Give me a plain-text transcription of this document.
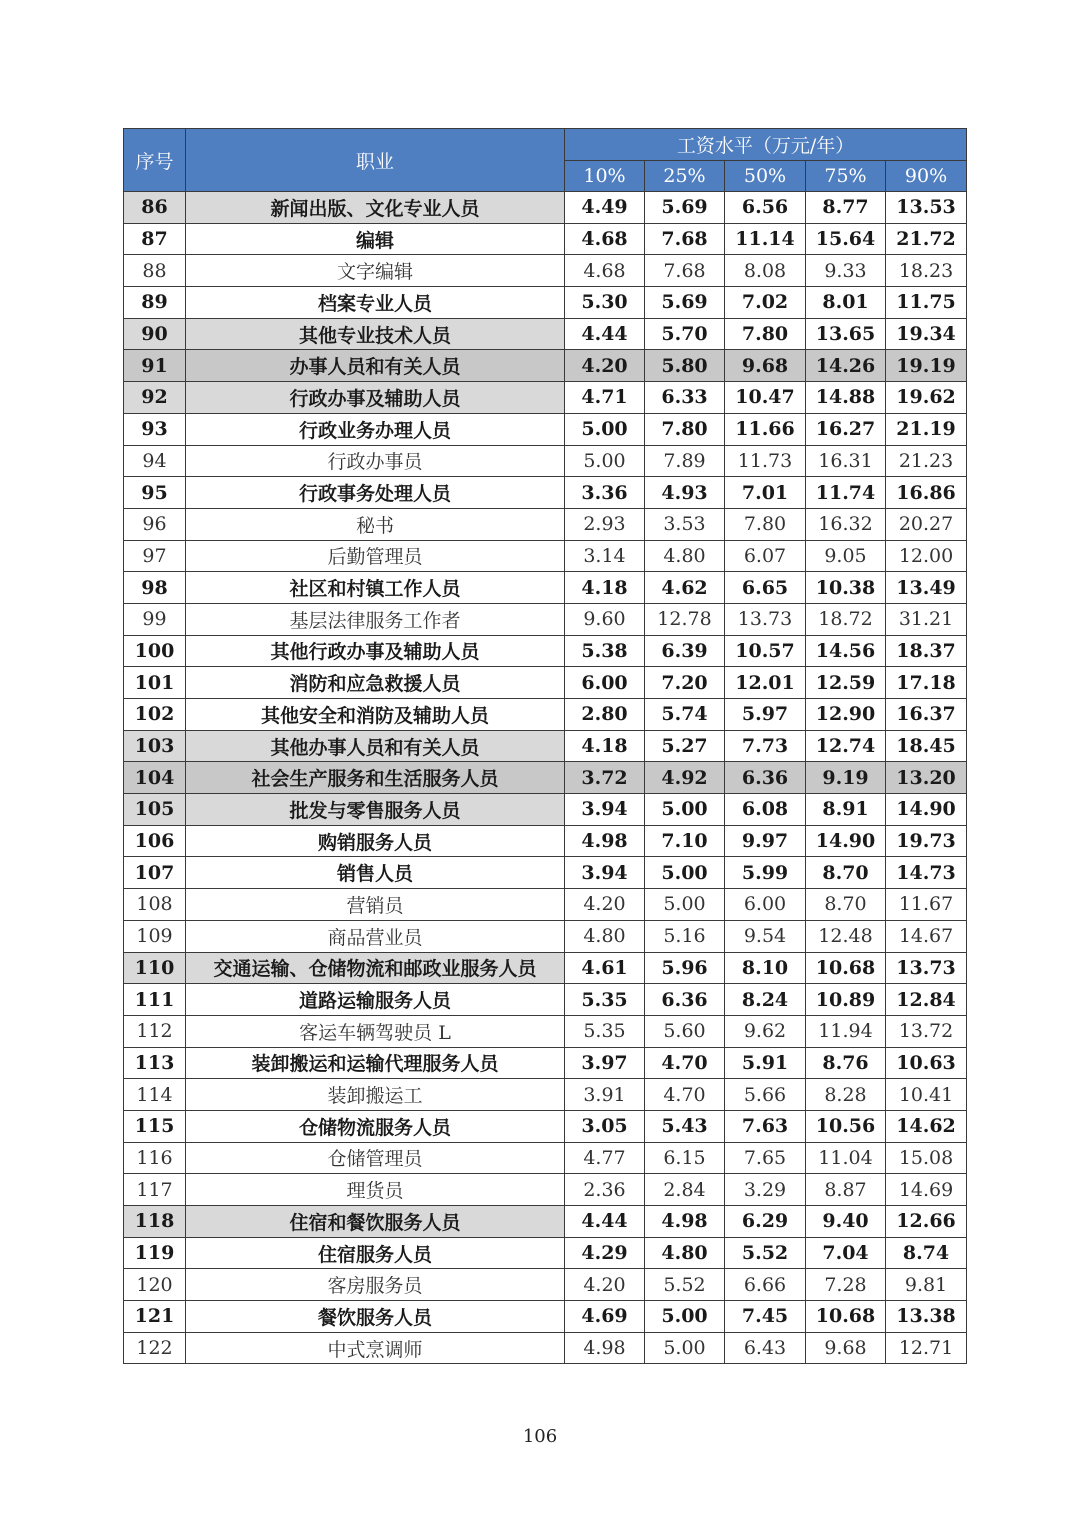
序号	职业	工资水平（万元/年）				
		10%	25%	50%	75%	90%
86	新闻出版、文化专业人员	4.49	5.69	6.56	8.77	13.53
87	编辑	4.68	7.68	11.14	15.64	21.72
88	文字编辑	4.68	7.68	8.08	9.33	18.23
89	档案专业人员	5.30	5.69	7.02	8.01	11.75
90	其他专业技术人员	4.44	5.70	7.80	13.65	19.34
91	办事人员和有关人员	4.20	5.80	9.68	14.26	19.19
92	行政办事及辅助人员	4.71	6.33	10.47	14.88	19.62
93	行政业务办理人员	5.00	7.80	11.66	16.27	21.19
94	行政办事员	5.00	7.89	11.73	16.31	21.23
95	行政事务处理人员	3.36	4.93	7.01	11.74	16.86
96	秘书	2.93	3.53	7.80	16.32	20.27
97	后勤管理员	3.14	4.80	6.07	9.05	12.00
98	社区和村镇工作人员	4.18	4.62	6.65	10.38	13.49
99	基层法律服务工作者	9.60	12.78	13.73	18.72	31.21
100	其他行政办事及辅助人员	5.38	6.39	10.57	14.56	18.37
101	消防和应急救援人员	6.00	7.20	12.01	12.59	17.18
102	其他安全和消防及辅助人员	2.80	5.74	5.97	12.90	16.37
103	其他办事人员和有关人员	4.18	5.27	7.73	12.74	18.45
104	社会生产服务和生活服务人员	3.72	4.92	6.36	9.19	13.20
105	批发与零售服务人员	3.94	5.00	6.08	8.91	14.90
106	购销服务人员	4.98	7.10	9.97	14.90	19.73
107	销售人员	3.94	5.00	5.99	8.70	14.73
108	营销员	4.20	5.00	6.00	8.70	11.67
109	商品营业员	4.80	5.16	9.54	12.48	14.67
110	交通运输、仓储物流和邮政业服务人员	4.61	5.96	8.10	10.68	13.73
111	道路运输服务人员	5.35	6.36	8.24	10.89	12.84
112	客运车辆驾驶员 L	5.35	5.60	9.62	11.94	13.72
113	装卸搬运和运输代理服务人员	3.97	4.70	5.91	8.76	10.63
114	装卸搬运工	3.91	4.70	5.66	8.28	10.41
115	仓储物流服务人员	3.05	5.43	7.63	10.56	14.62
116	仓储管理员	4.77	6.15	7.65	11.04	15.08
117	理货员	2.36	2.84	3.29	8.87	14.69
118	住宿和餐饮服务人员	4.44	4.98	6.29	9.40	12.66
119	住宿服务人员	4.29	4.80	5.52	7.04	8.74
120	客房服务员	4.20	5.52	6.66	7.28	9.81
121	餐饮服务人员	4.69	5.00	7.45	10.68	13.38
122	中式烹调师	4.98	5.00	6.43	9.68	12.71
106
